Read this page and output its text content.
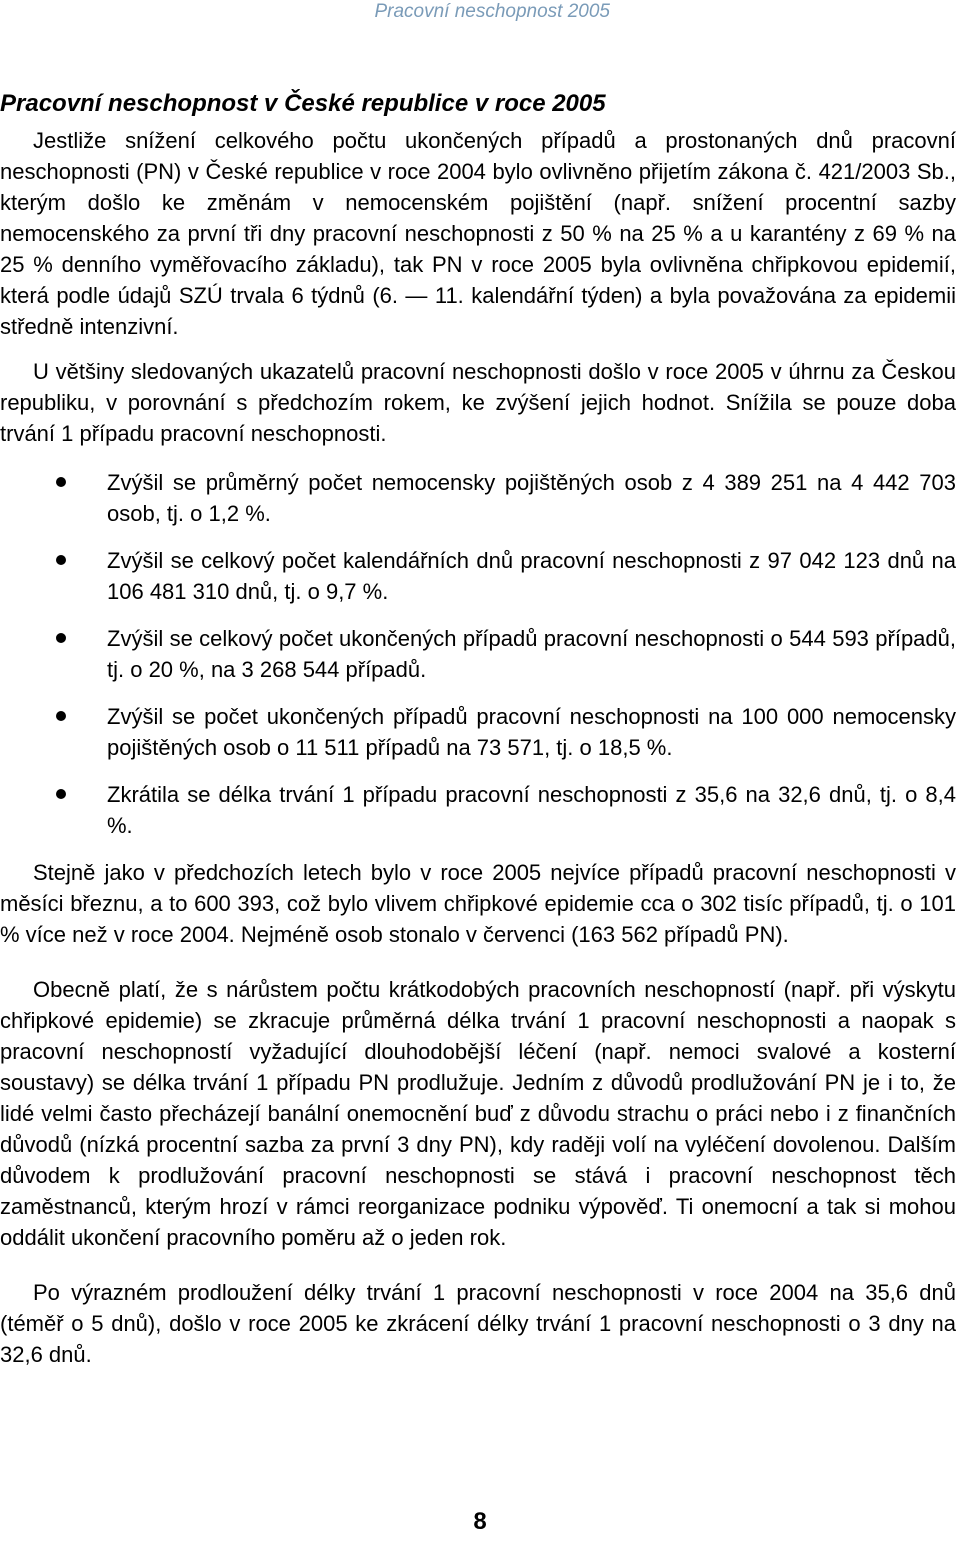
Pracovní neschopnost 2005
Pracovní neschopnost v České republice v roce 2005

Jestliže snížení celkového počtu ukončených případů a prostonaných dnů pracovní neschopnosti (PN) v České republice v roce 2004 bylo ovlivněno přijetím zákona č. 421/2003 Sb., kterým došlo ke změnám v nemocenském pojištění (např. snížení procentní sazby nemocenského za první tři dny pracovní neschopnosti z 50 % na 25 % a u karantény z 69 % na 25 % denního vyměřovacího základu), tak PN v roce 2005 byla ovlivněna chřipkovou epidemií, která podle údajů SZÚ trvala 6 týdnů (6. — 11. kalendářní týden) a byla považována za epidemii středně intenzivní.

U většiny sledovaných ukazatelů pracovní neschopnosti došlo v roce 2005 v úhrnu za Českou republiku, v porovnání s předchozím rokem, ke zvýšení jejich hodnot. Snížila se pouze doba trvání 1 případu pracovní neschopnosti.

Zvýšil se průměrný počet nemocensky pojištěných osob z 4 389 251 na 4 442 703 osob, tj. o 1,2 %.
Zvýšil se celkový počet kalendářních dnů pracovní neschopnosti z 97 042 123 dnů na 106 481 310 dnů, tj. o 9,7 %.
Zvýšil se celkový počet ukončených případů pracovní neschopnosti o 544 593 případů, tj. o 20 %, na 3 268 544 případů.
Zvýšil se počet ukončených případů pracovní neschopnosti na 100 000 nemocensky pojištěných osob o 11 511 případů na 73 571, tj. o 18,5 %.
Zkrátila se délka trvání 1 případu pracovní neschopnosti z 35,6 na 32,6 dnů, tj. o 8,4 %.

Stejně jako v předchozích letech bylo v roce 2005 nejvíce případů pracovní neschopnosti v měsíci březnu, a to 600 393, což bylo vlivem chřipkové epidemie cca o 302 tisíc případů, tj. o 101 % více než v roce 2004. Nejméně osob stonalo v červenci (163 562 případů PN).

Obecně platí, že s nárůstem počtu krátkodobých pracovních neschopností (např. při výskytu chřipkové epidemie) se zkracuje průměrná délka trvání 1 pracovní neschopnosti a naopak s pracovní neschopností vyžadující dlouhodobější léčení (např. nemoci svalové a kosterní soustavy) se délka trvání 1 případu PN prodlužuje. Jedním z důvodů prodlužování PN je i to, že lidé velmi často přecházejí banální onemocnění buď z důvodu strachu o práci nebo i z finančních důvodů (nízká procentní sazba za první 3 dny PN), kdy raději volí na vyléčení dovolenou. Dalším důvodem k prodlužování pracovní neschopnosti se stává i pracovní neschopnost těch zaměstnanců, kterým hrozí v rámci reorganizace podniku výpověď. Ti onemocní a tak si mohou oddálit ukončení pracovního poměru až o jeden rok.

Po výrazném prodloužení délky trvání 1 pracovní neschopnosti v roce 2004 na 35,6 dnů (téměř o 5 dnů), došlo v roce 2005 ke zkrácení délky trvání 1 pracovní neschopnosti o 3 dny na 32,6 dnů.

8
